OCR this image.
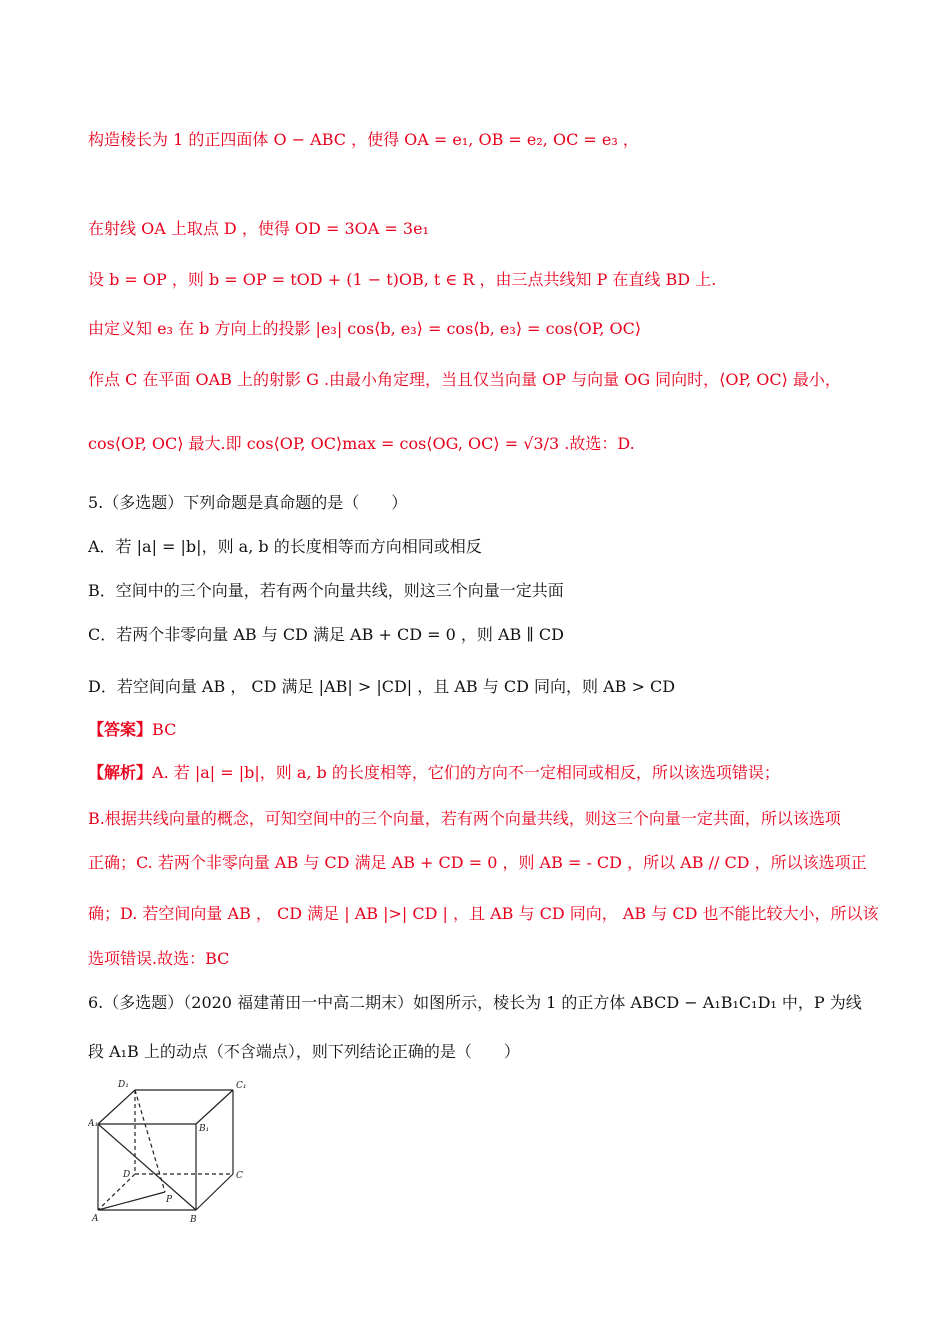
构造棱长为 1 的正四面体 O − ABC ，使得 OA = e₁, OB = e₂, OC = e₃ ，
在射线 OA 上取点 D ，使得 OD = 3OA = 3e₁
设 b = OP ，则 b = OP = tOD + (1 − t)OB, t ∈ R ，由三点共线知 P 在直线 BD 上.
由定义知 e₃ 在 b 方向上的投影 |e₃| cos⟨b, e₃⟩ = cos⟨b, e₃⟩ = cos⟨OP, OC⟩
作点 C 在平面 OAB 上的射影 G .由最小角定理，当且仅当向量 OP 与向量 OG 同向时，⟨OP, OC⟩ 最小，
cos⟨OP, OC⟩ 最大.即 cos⟨OP, OC⟩max = cos⟨OG, OC⟩ = √3/3 .故选：D.
5.（多选题）下列命题是真命题的是（　　）
A．若 |a| = |b|，则 a, b 的长度相等而方向相同或相反
B．空间中的三个向量，若有两个向量共线，则这三个向量一定共面
C．若两个非零向量 AB 与 CD 满足 AB + CD = 0 ，则 AB ∥ CD
D．若空间向量 AB ， CD 满足 |AB| > |CD| ，且 AB 与 CD 同向，则 AB > CD
【答案】BC
【解析】A. 若 |a| = |b|，则 a, b 的长度相等，它们的方向不一定相同或相反，所以该选项错误；
B.根据共线向量的概念，可知空间中的三个向量，若有两个向量共线，则这三个向量一定共面，所以该选项
正确；C. 若两个非零向量 AB 与 CD 满足 AB + CD = 0 ，则 AB = - CD ，所以 AB // CD ，所以该选项正
确；D. 若空间向量 AB ， CD 满足 | AB |>| CD | ，且 AB 与 CD 同向， AB 与 CD 也不能比较大小，所以该
选项错误.故选：BC
6.（多选题）（2020 福建莆田一中高二期末）如图所示，棱长为 1 的正方体 ABCD − A₁B₁C₁D₁ 中，P 为线
段 A₁B 上的动点（不含端点），则下列结论正确的是（　　）
D₁	C₁
A₁	B₁
D	C
P
A	B
